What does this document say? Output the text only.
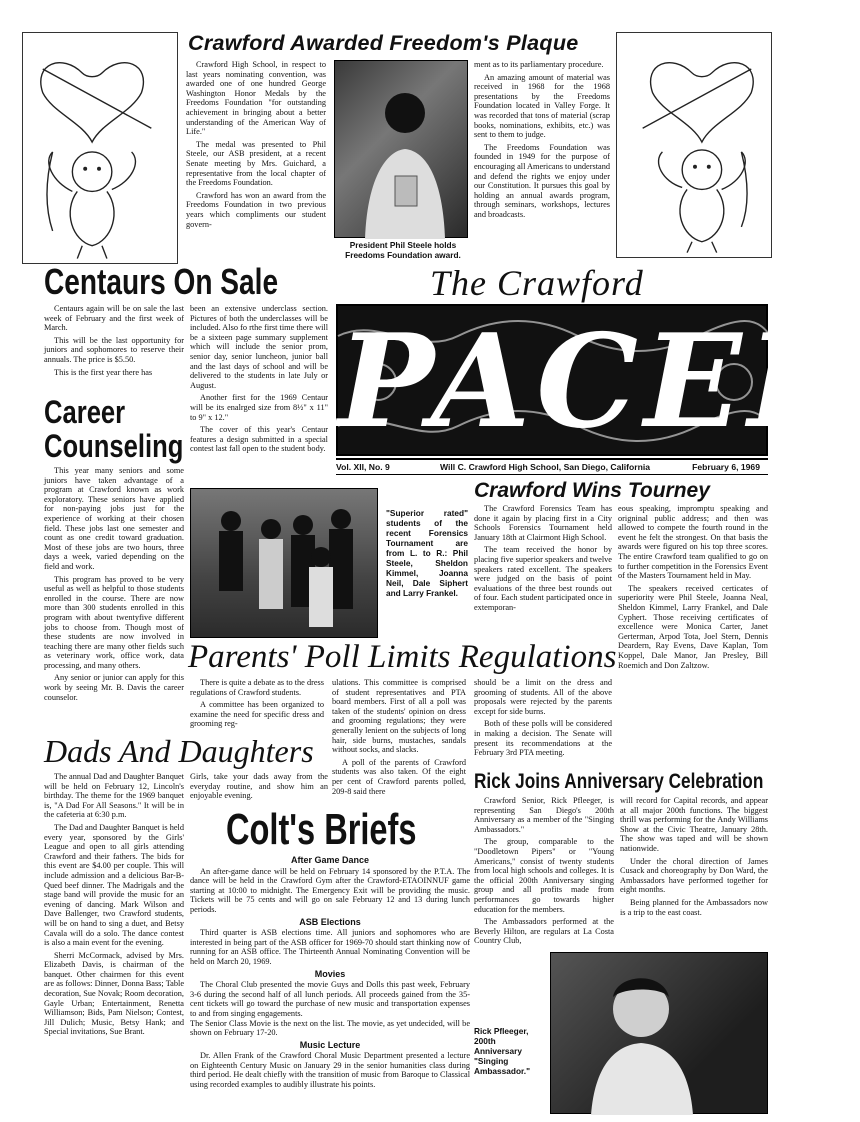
Crawford Awarded Freedom's Plaque

Crawford High School, in respect to last years nominating convention, was awarded one of one hundred George Washington Honor Medals by the Freedoms Foundation "for outstanding achievement in bringing about a better understanding of the American Way of Life."

The medal was presented to Phil Steele, our ASB president, at a recent Senate meeting by Mrs. Guichard, a representative from the local chapter of the Freedoms Foundation.

Crawford has won an award from the Freedoms Foundation in two previous years which compliments our student govern-

President Phil Steele holds Freedoms Foundation award.

ment as to its parliamentary procedure.

An amazing amount of material was received in 1968 for the 1968 presentations by the Freedoms Foundation located in Valley Forge. It was recorded that tons of material (scrap books, nominations, exhibits, etc.) was sent to them to judge.

The Freedoms Foundation was founded in 1949 for the purpose of encouraging all Americans to understand and defend the rights we enjoy under our Constitution. It pursues this goal by holding an annual awards program, through seminars, workshops, lectures and broadcasts.

Centaurs On Sale

Centaurs again will be on sale the last week of February and the first week of March.

This will be the last opportunity for juniors and sophomores to reserve their annuals. The price is $5.50.

This is the first year there has

been an extensive underclass section. Pictures of both the underclasses will be included. Also fo rthe first time there will be a sixteen page summary supplement which will include the senior prom, senior day, senior luncheon, junior ball and the last days of school and will be delivered to the students in late July or August.

Another first for the 1969 Centaur will be its enalrged size from 8½" x 11" to 9" x 12."

The cover of this year's Centaur features a design submitted in a special contest last fall open to the student body.

The Crawford
PACER
Vol. XII, No. 9	Will C. Crawford High School, San Diego, California	February 6, 1969
Career
Counseling

This year many seniors and some juniors have taken advantage of a program at Crawford known as work exploratory. These seniors have applied for non-paying jobs just for the experience of working at their chosen field. These jobs last one semester and count as one credit toward graduation. Most of these jobs are two hours, three days a week, varied depending on the field and work.

This program has proved to be very useful as well as helpful to those students enrolled in the course. There are now more than 300 students enrolled in this program with about twentyfive different jobs to choose from. Though most of these students are now involved in teaching there are many other fields such as veterinary work, office work, data processing, and many others.

Any senior or junior can apply for this work by seeing Mr. B. Davis the career counselor.

"Superior rated" students of the recent Forensics Tournament are from L. to R.: Phil Steele, Sheldon Kimmel, Joanna Neil, Dale Siphert and Larry Frankel.
Crawford Wins Tourney

The Crawford Forensics Team has done it again by placing first in a City Schools Forensics Tournament held January 18th at Clairmont High School.

The team received the honor by placing five superior speakers and twelve speakers rated excellent. The speakers were judged on the basis of point evaluations of the three best rounds out of four. Each student participated once in extemporan-

eous speaking, impromptu speaking and origninal public address; and then was allowed to compete the fourth round in the event he felt the strongest. On that basis the awards were figured on his top three scores. The entire Crawford team qualified to go on to further competition in the Forensics Event of the Masters Tournament held in May.

The speakers received certicates of superiority were Phil Steele, Joanna Neal, Sheldon Kimmel, Larry Frankel, and Dale Cyphert. Those receiving certificates of excellence were Monica Carter, Janet Gerterman, Arpod Tota, Joel Stern, Dennis Deardern, Ray Evens, Dave Kaplan, Tom Koppel, Dale Manor, Jan Presley, Bill Roemich and Don Zaltzow.

Parents' Poll Limits Regulations

There is quite a debate as to the dress regulations of Crawford students.

A committee has been organized to examine the need for specific dress and grooming reg-

ulations. This committee is comprised of student representatives and PTA board members. First of all a poll was taken of the students' opinion on dress and grooming regulations; they were generally lenient on the subjects of long hair, side burns, mustaches, sandals without socks, and slacks.

A poll of the parents of Crawford students was also taken. Of the eight per cent of Crawford parents polled, 209-8 said there

should be a limit on the dress and grooming of students. All of the above proposals were rejected by the parents except for side burns.

Both of these polls will be considered in making a decision. The Senate will present its recommendations at the February 3rd PTA meeting.

Dads And Daughters

The annual Dad and Daughter Banquet will be held on February 12, Lincoln's birthday. The theme for the 1969 banquet is, "A Dad For All Seasons." It will be in the cafeteria at 6:30 p.m.

The Dad and Daughter Banquet is held every year, sponsored by the Girls' League and open to all girls attending Crawford and their fathers. The bids for this event are $4.00 per couple. This will include admission and a delicious Bar-B-Qued beef dinner. The Madrigals and the stage band will provide the music for an evening of dancing. Mark Wilson and Dave Ballenger, two Crawford students, will be on hand to sing a duet, and Betsy Cavala will do a solo. The dance contest is also a main event for the evening.

Sherri McCormack, advised by Mrs. Elizabeth Davis, is chairman of the banquet. Other chairmen for this event are as follows: Dinner, Donna Bass; Table decoration, Sue Novak; Room decoration, Gayle Urban; Entertainment, Renetta Williamson; Bids, Pam Nielson; Contest, Jill Dulich; Music, Betsy Hank; and Special invitations, Sue Brant.

Girls, take your dads away from the everyday routine, and show him an enjoyable evening.

Colt's Briefs
After Game Dance

An after-game dance will be held on February 14 sponsored by the P.T.A. The dance will be held in the Crawford Gym after the Crawford-ETAOINNUF game starting at 10:00 to midnight. The Emergency Exit will be providing the music. Tickets will be 75 cents and will go on sale February 12 and 13 during lunch periods.

ASB Elections

Third quarter is ASB elections time. All juniors and sophomores who are interested in being part of the ASB officer for 1969-70 should start thinking now of running for an ASB office. The Thirteenth Annual Nominating Convention will be held on March 20, 1969.

Movies

The Choral Club presented the movie Guys and Dolls this past week, February 3-6 during the second half of all lunch periods. All proceeds gained from the 35-cent tickets will go toward the purchase of new music and transportation expenses to and from singing engagements.
The Senior Class Movie is the next on the list. The movie, as yet undecided, will be shown on February 17-20.

Music Lecture

Dr. Allen Frank of the Crawford Choral Music Department presented a lecture on Eighteenth Century Music on January 29 in the senior humanities class during third period. He dealt chiefly with the transition of music from Baroque to Classical using recorded examples to audibly illustrate his points.

Rick Joins Anniversary Celebration

Crawford Senior, Rick Pfleeger, is representing San Diego's 200th Anniversary as a member of the "Singing Ambassadors."

The group, comparable to the "Doodletown Pipers" or "Young Americans," consist of twenty students from local high schools and colleges. It is the official 200th Anniversary singing group and all profits made from performances go towards higher education for the members.

The Ambassadors performed at the Beverly Hilton, are regulars at La Costa Country Club,

will record for Capital records, and appear at all major 200th functions. The biggest thrill was performing for the Andy Williams Show at the Civic Theatre, January 28th. The show was taped and will be shown nationwide.

Under the choral direction of James Cusack and choreography by Don Ward, the Ambassadors have performed together for eight months.

Being planned for the Ambassadors now is a trip to the east coast.

Rick Pfleeger, 200th Anniversary "Singing Ambassador."
